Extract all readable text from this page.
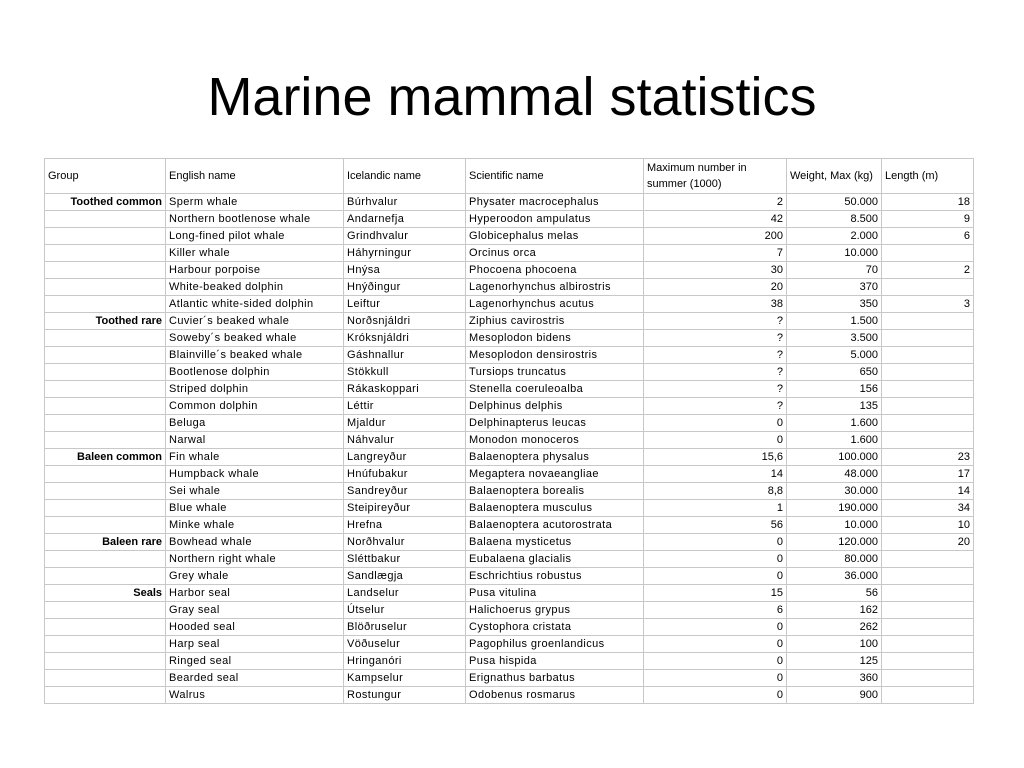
Marine mammal statistics
Group	English name	Icelandic name	Scientific name	Maximum number in summer (1000)	Weight, Max (kg)	Length (m)
Toothed common	Sperm whale	Búrhvalur	Physater macrocephalus	2	50.000	18
	Northern bootlenose whale	Andarnefja	Hyperoodon ampulatus	42	8.500	9
	Long-fined pilot whale	Grindhvalur	Globicephalus melas	200	2.000	6
	Killer whale	Háhyrningur	Orcinus orca	7	10.000	
	Harbour porpoise	Hnýsa	Phocoena phocoena	30	70	2
	White-beaked dolphin	Hnýðingur	Lagenorhynchus albirostris	20	370	
	Atlantic white-sided dolphin	Leiftur	Lagenorhynchus acutus	38	350	3
Toothed rare	Cuvier´s beaked whale	Norðsnjáldri	Ziphius cavirostris	?	1.500	
	Soweby´s beaked whale	Króksnjáldri	Mesoplodon bidens	?	3.500	
	Blainville´s beaked whale	Gáshnallur	Mesoplodon densirostris	?	5.000	
	Bootlenose dolphin	Stökkull	Tursiops truncatus	?	650	
	Striped dolphin	Rákaskoppari	Stenella coeruleoalba	?	156	
	Common dolphin	Léttir	Delphinus delphis	?	135	
	Beluga	Mjaldur	Delphinapterus leucas	0	1.600	
	Narwal	Náhvalur	Monodon monoceros	0	1.600	
Baleen common	Fin whale	Langreyður	Balaenoptera physalus	15,6	100.000	23
	Humpback whale	Hnúfubakur	Megaptera novaeangliae	14	48.000	17
	Sei whale	Sandreyður	Balaenoptera borealis	8,8	30.000	14
	Blue whale	Steipireyður	Balaenoptera musculus	1	190.000	34
	Minke whale	Hrefna	Balaenoptera acutorostrata	56	10.000	10
Baleen rare	Bowhead whale	Norðhvalur	Balaena mysticetus	0	120.000	20
	Northern right whale	Sléttbakur	Eubalaena glacialis	0	80.000	
	Grey whale	Sandlægja	Eschrichtius robustus	0	36.000	
Seals	Harbor seal	Landselur	Pusa vitulina	15	56	
	Gray seal	Útselur	Halichoerus grypus	6	162	
	Hooded seal	Blöðruselur	Cystophora cristata	0	262	
	Harp seal	Vöðuselur	Pagophilus groenlandicus	0	100	
	Ringed seal	Hringanóri	Pusa hispida	0	125	
	Bearded seal	Kampselur	Erignathus barbatus	0	360	
	Walrus	Rostungur	Odobenus rosmarus	0	900	
